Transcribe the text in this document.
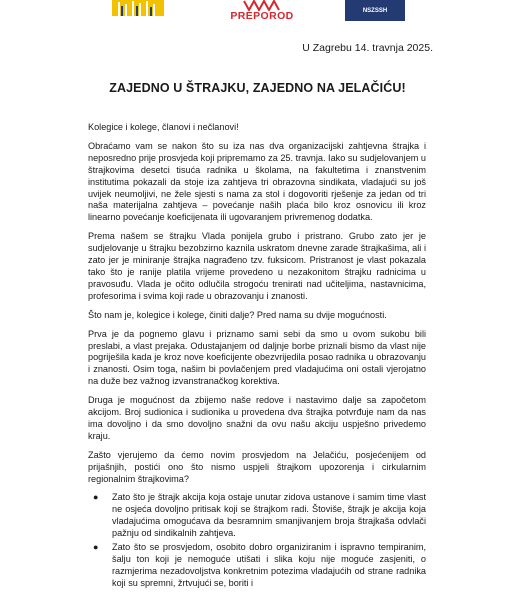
PREPOROD	NSZSSH
U Zagrebu 14. travnja 2025.
ZAJEDNO U ŠTRAJKU, ZAJEDNO NA JELAČIĆU!

Kolegice i kolege, članovi i nečlanovi!

Obraćamo vam se nakon što su iza nas dva organizacijski zahtjevna štrajka i neposredno prije prosvjeda koji pripremamo za 25. travnja. Iako su sudjelovanjem u štrajkovima desetci tisuća radnika u školama, na fakultetima i znanstvenim institutima pokazali da stoje iza zahtjeva tri obrazovna sindikata, vladajući su još uvijek neumoljivi, ne žele sjesti s nama za stol i dogovoriti rješenje za jedan od tri naša materijalna zahtjeva – povećanje naših plaća bilo kroz osnovicu ili kroz linearno povećanje koeficijenata ili ugovaranjem privremenog dodatka.

Prema našem se štrajku Vlada ponijela grubo i pristrano. Grubo zato jer je sudjelovanje u štrajku bezobzirno kaznila uskratom dnevne zarade štrajkašima, ali i zato jer je miniranje štrajka nagrađeno tzv. fuksicom. Pristranost je vlast pokazala tako što je ranije platila vrijeme provedeno u nezakonitom štrajku radnicima u pravosuđu. Vlada je očito odlučila strogoću trenirati nad učiteljima, nastavnicima, profesorima i svima koji rade u obrazovanju i znanosti.

Što nam je, kolegice i kolege, činiti dalje? Pred nama su dvije mogućnosti.

Prva je da pognemo glavu i priznamo sami sebi da smo u ovom sukobu bili preslabi, a vlast prejaka. Odustajanjem od daljnje borbe priznali bismo da vlast nije pogriješila kada je kroz nove koeficijente obezvrijedila posao radnika u obrazovanju i znanosti. Osim toga, našim bi povlačenjem pred vladajućima oni ostali vjerojatno na duže bez važnog izvanstranačkog korektiva.

Druga je mogućnost da zbijemo naše redove i nastavimo dalje sa započetom akcijom. Broj sudionica i sudionika u provedena dva štrajka potvrđuje nam da nas ima dovoljno i da smo dovoljno snažni da ovu našu akciju uspješno privedemo kraju.

Zašto vjerujemo da ćemo novim prosvjedom na Jelačiću, posjećenijem od prijašnjih, postići ono što nismo uspjeli štrajkom upozorenja i cirkularnim regionalnim štrajkovima?

● Zato što je štrajk akcija koja ostaje unutar zidova ustanove i samim time vlast ne osjeća dovoljno pritisak koji se štrajkom radi. Štoviše, štrajk je akcija koja vladajućima omogućava da besramnim smanjivanjem broja štrajkaša odvlači pažnju od sindikalnih zahtjeva.
● Zato što se prosvjedom, osobito dobro organiziranim i ispravno tempiranim, šalju ton koji je nemoguće utišati i slika koju nije moguće zasjeniti, o razmjerima nezadovoljstva konkretnim potezima vladajućih od strane radnika koji su spremni, žrtvujući se, boriti i
